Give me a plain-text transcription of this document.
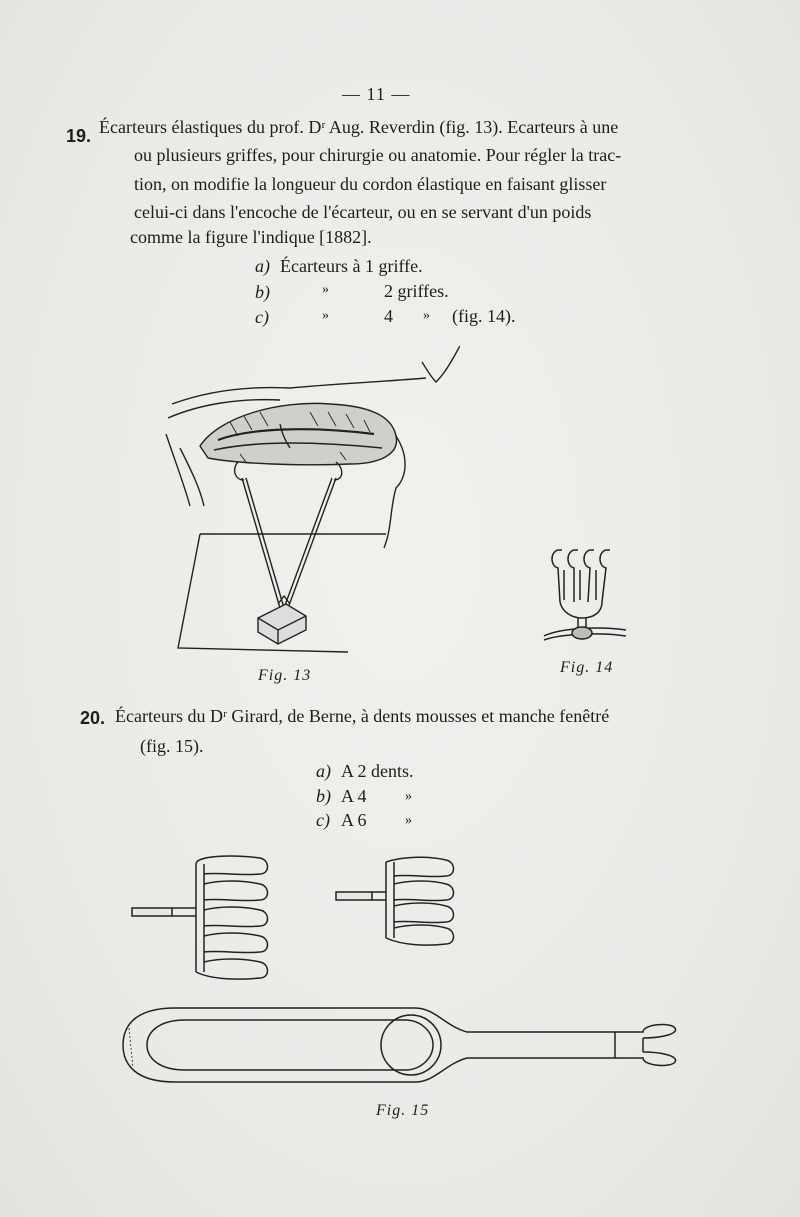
— 11 —
19. Écarteurs élastiques du prof. Dʳ Aug. Reverdin (fig. 13). Ecarteurs à une
ou plusieurs griffes, pour chirurgie ou anatomie. Pour régler la trac-
tion, on modifie la longueur du cordon élastique en faisant glisser
celui-ci dans l'encoche de l'écarteur, ou en se servant d'un poids
comme la figure l'indique [1882].
a) Écarteurs à 1 griffe.
b)	»	2 griffes.
c)	»	4 » (fig. 14).
Fig. 13	Fig. 14
20. Écarteurs du Dʳ Girard, de Berne, à dents mousses et manche fenêtré
(fig. 15).
a) A 2 dents.
b) A 4	»
c) A 6	»
Fig. 15
